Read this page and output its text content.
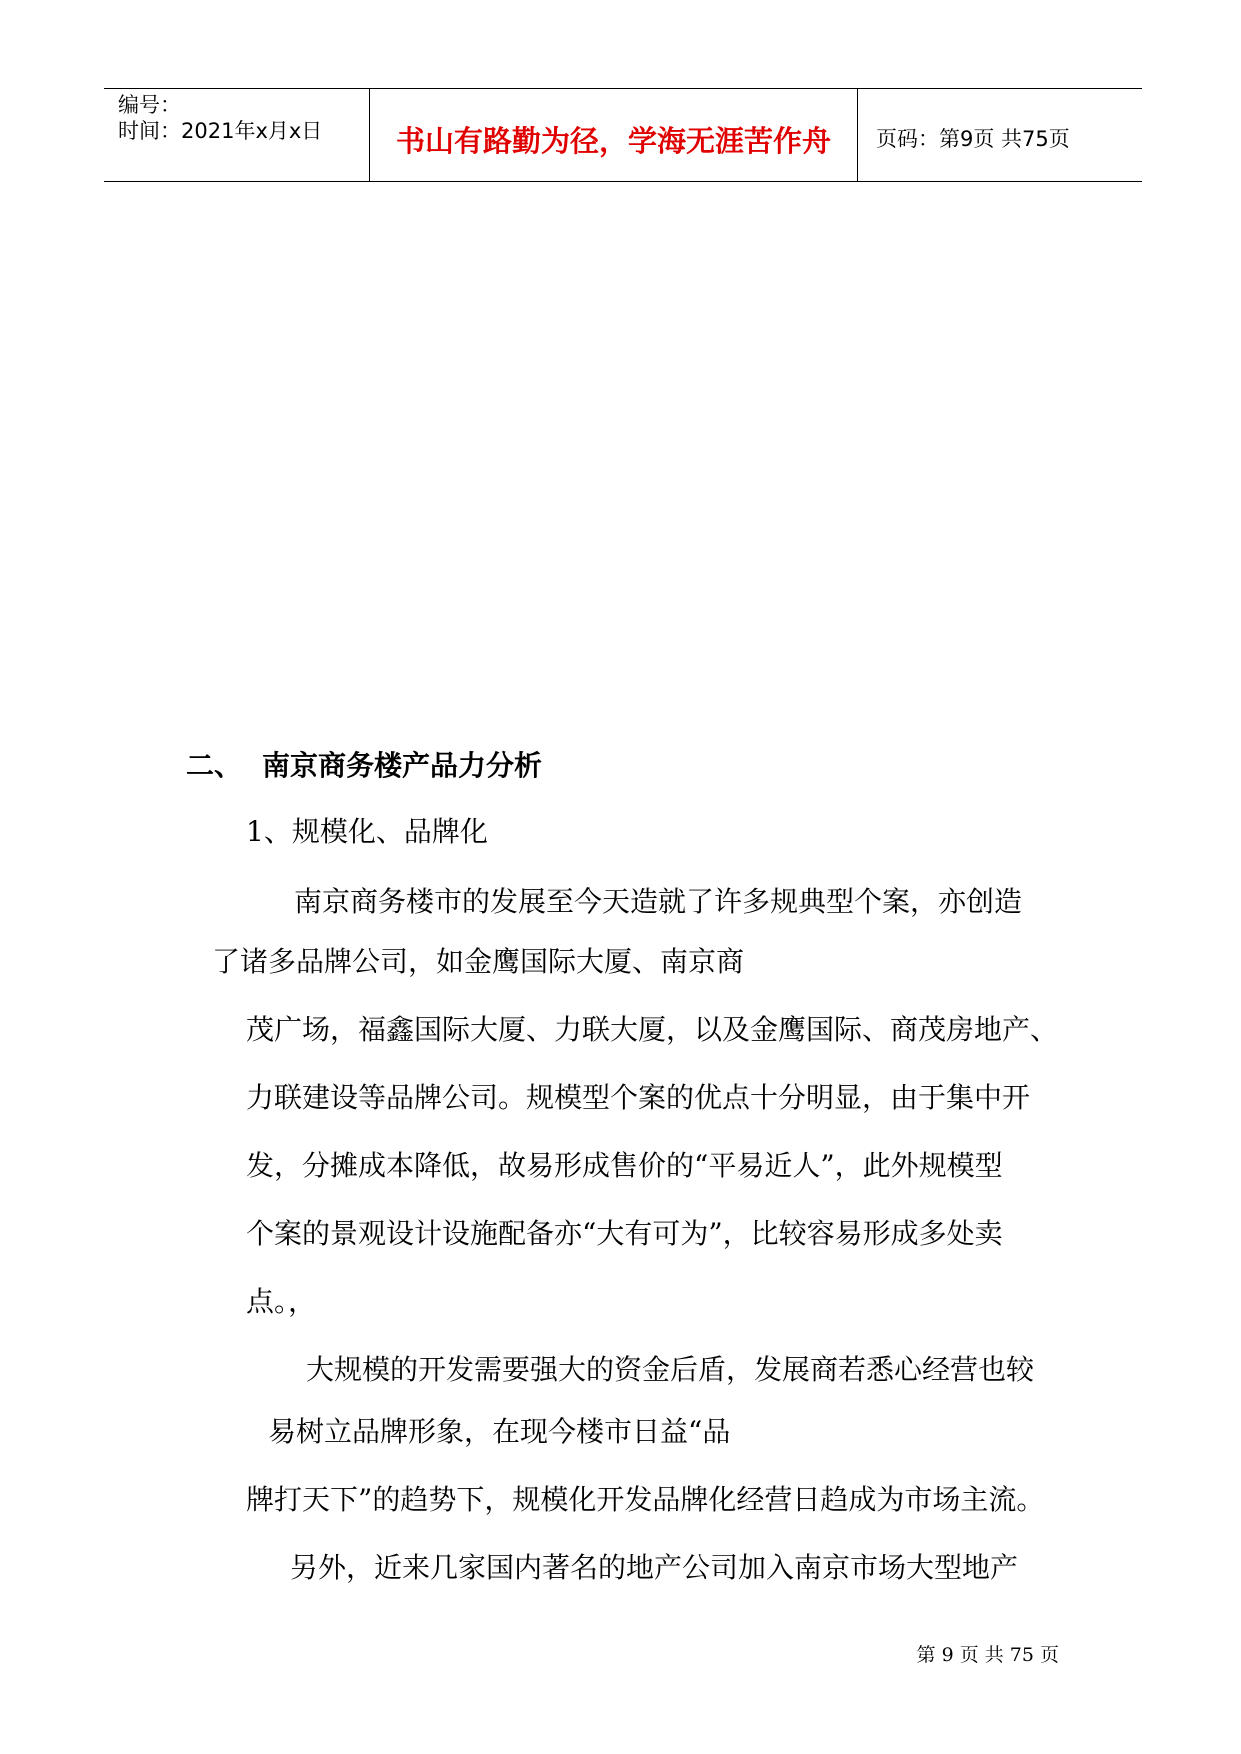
编号：
时间：2021年x月x日	书山有路勤为径，学海无涯苦作舟	页码：第9页 共75页
二、 南京商务楼产品力分析
1、规模化、品牌化
南京商务楼市的发展至今天造就了许多规典型个案，亦创造
了诸多品牌公司，如金鹰国际大厦、南京商
茂广场，福鑫国际大厦、力联大厦，以及金鹰国际、商茂房地产、
力联建设等品牌公司。规模型个案的优点十分明显，由于集中开
发，分摊成本降低，故易形成售价的“平易近人”，此外规模型
个案的景观设计设施配备亦“大有可为”，比较容易形成多处卖
点。，
大规模的开发需要强大的资金后盾，发展商若悉心经营也较
易树立品牌形象，在现今楼市日益“品
牌打天下”的趋势下，规模化开发品牌化经营日趋成为市场主流。
另外，近来几家国内著名的地产公司加入南京市场大型地产
第 9 页 共 75 页
